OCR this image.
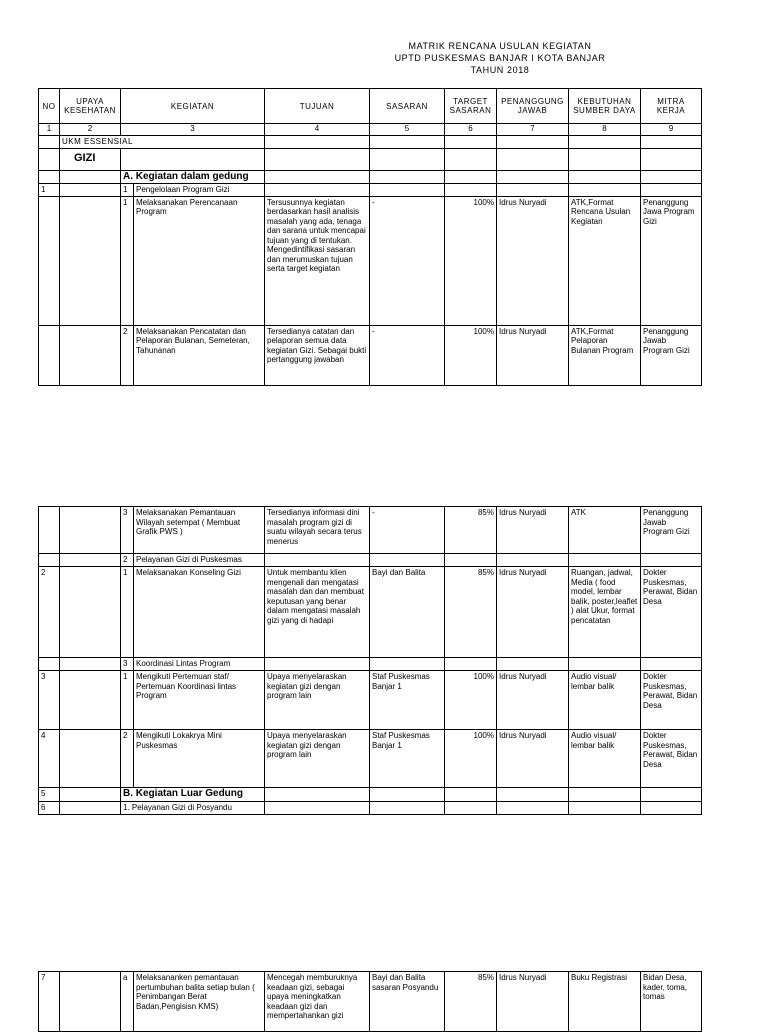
MATRIK RENCANA USULAN KEGIATAN
UPTD PUSKESMAS BANJAR I KOTA BANJAR
TAHUN 2018
NO	UPAYA KESEHATAN	KEGIATAN		TUJUAN	SASARAN	TARGET SASARAN	PENANGGUNG JAWAB	KEBUTUHAN SUMBER DAYA	MITRA KERJA
1	2	3		4	5	6	7	8	9
	UKM ESSENSIAL								
	GIZI								
		A. Kegiatan dalam gedung							
1		1	Pengelolaan Program Gizi						
		1	Melaksanakan Perencanaan Program	Tersusunnya kegiatan berdasarkan hasil analisis masalah yang ada, tenaga dan sarana untuk mencapai tujuan yang di tentukan. Mengedintifikasi sasaran dan merumuskan tujuan serta target kegiatan	-	100%	Idrus Nuryadi	ATK,Format Rencana Usulan Kegiatan	Penanggung Jawa Program Gizi
		2	Melaksanakan Pencatatan dan Pelaporan Bulanan, Semeteran, Tahunanan	Tersedianya catatan dan pelaporan semua data kegiatan Gizi. Sebagai bukti pertanggung jawaban	-	100%	Idrus Nuryadi	ATK,Format Pelaporan Bulanan Program	Penanggung Jawab Program Gizi
		3	Melaksanakan Pemantauan Wilayah setempat ( Membuat Grafik PWS )	Tersedianya informasi dini masalah program gizi di suatu wilayah secara terus menerus	-	85%	Idrus Nuryadi	ATK	Penanggung Jawab Program Gizi
		2	Pelayanan Gizi di Puskesmas						
2		1	Melaksanakan Konseling Gizi	Untuk membantu klien mengenali dan mengatasi masalah dan dan membuat keputusan yang benar dalam mengatasi masalah gizi yang di hadapi	Bayi dan Balita	85%	Idrus Nuryadi	Ruangan, jadwal, Media ( food model, lembar balik, poster,leaflet ) alat Ukur, format pencatatan	Dokter Puskesmas, Perawat, Bidan Desa
		3	Koordinasi Lintas Program						
3		1	Mengikuti Pertemuan staf/ Pertemuan Koordinasi lintas Program	Upaya menyelaraskan kegiatan gizi dengan program lain	Staf Puskesmas Banjar 1	100%	Idrus Nuryadi	Audio visual/ lembar balik	Dokter Puskesmas, Perawat, Bidan Desa
4		2	Mengikuti Lokakrya Mini Puskesmas	Upaya menyelaraskan kegiatan gizi dengan program lain	Staf Puskesmas Banjar 1	100%	Idrus Nuryadi	Audio visual/ lembar balik	Dokter Puskesmas, Perawat, Bidan Desa
5		B. Kegiatan Luar Gedung							
6		1. Pelayanan Gizi di Posyandu							
7		a	Melaksananken pemantauan pertumbuhan balita setiap bulan ( Penimbangan Berat Badan,Pengisisn KMS)	Mencegah memburuknya keadaan gizi, sebagai upaya meningkatkan keadaan gizi dan mempertahankan gizi	Bayi dan Balita sasaran Posyandu	85%	Idrus Nuryadi	Buku Registrasi	Bidan Desa, kader, toma, tomas
